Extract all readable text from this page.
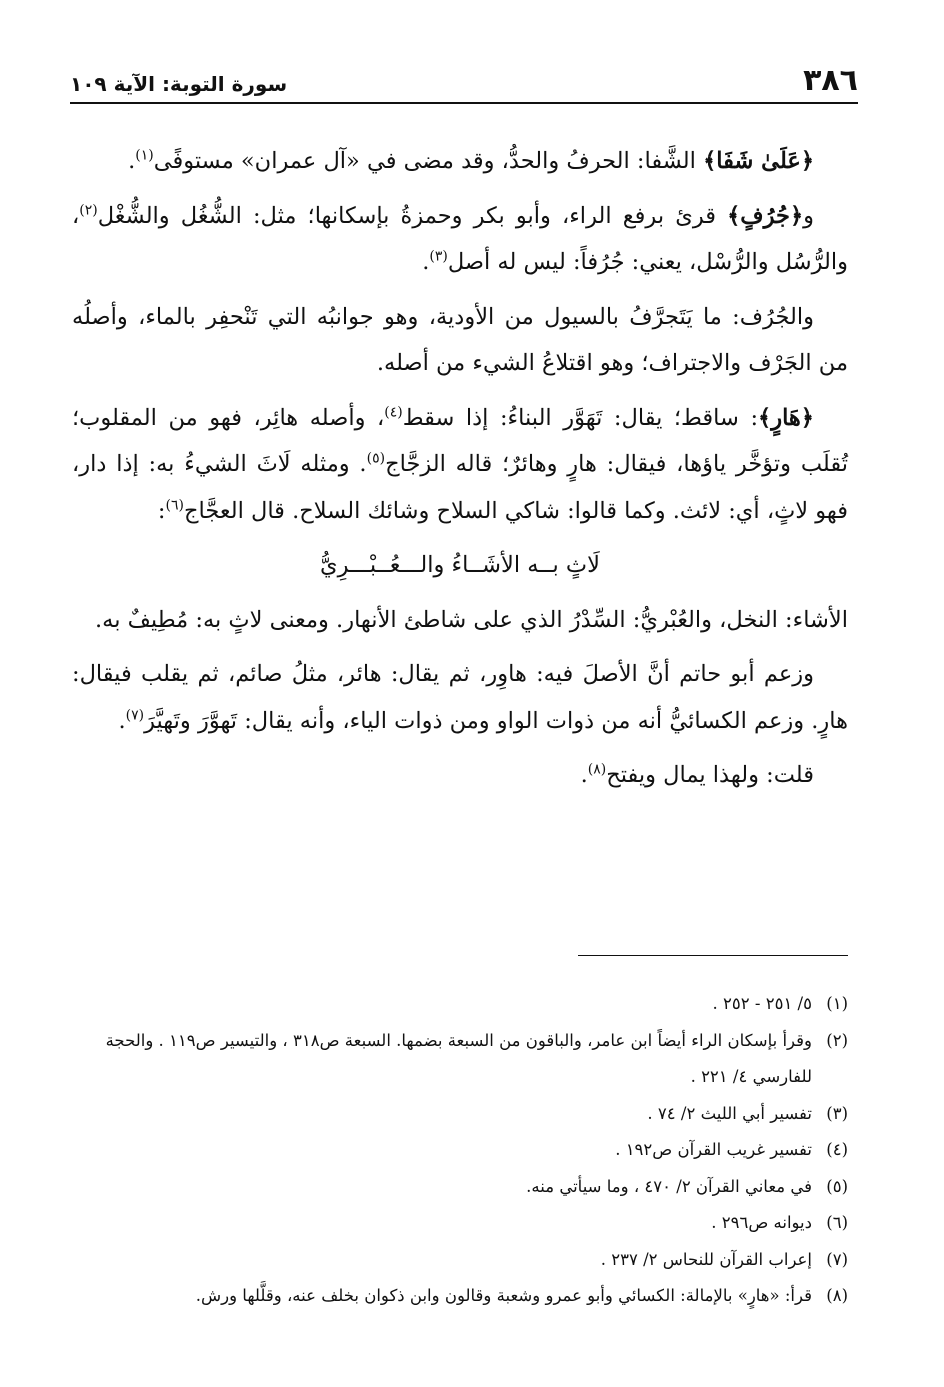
٣٨٦
سورة التوبة: الآية ١٠٩

﴿عَلَىٰ شَفَا﴾ الشَّفا: الحرفُ والحدُّ، وقد مضى في «آل عمران» مستوفًى$^{(١)}$.

و﴿جُرُفٍ﴾ قرئ برفع الراء، وأبو بكر وحمزةُ بإسكانها؛ مثل: الشُّغُل والشُّغْل$^{(٢)}$، والرُّسُل والرُّسْل، يعني: جُرُفاً: ليس له أصل$^{(٣)}$.

والجُرُف: ما يَتَجرَّفُ بالسيول من الأودية، وهو جوانبُه التي تَنْحفِر بالماء، وأصلُه من الجَرْف والاجتراف؛ وهو اقتلاعُ الشيء من أصله.

﴿هَارٍ﴾: ساقط؛ يقال: تَهَوَّر البناءُ: إذا سقط$^{(٤)}$، وأصله هائِر، فهو من المقلوب؛ تُقلَب وتؤخَّر ياؤها، فيقال: هارٍ وهائرٌ؛ قاله الزجَّاج$^{(٥)}$. ومثله لَاثَ الشيءُ به: إذا دار، فهو لاثٍ، أي: لائث. وكما قالوا: شاكي السلاح وشائك السلاح. قال العجَّاج$^{(٦)}$:

لَاثٍ بــه الأشَــاءُ والـــعُــبْـــرِيُّ

الأشاء: النخل، والعُبْريُّ: السِّدْرُ الذي على شاطئ الأنهار. ومعنى لاثٍ به: مُطِيفٌ به.

وزعم أبو حاتم أنَّ الأصلَ فيه: هاوِر، ثم يقال: هائر، مثلُ صائم، ثم يقلب فيقال: هارٍ. وزعم الكسائيُّ أنه من ذوات الواو ومن ذوات الياء، وأنه يقال: تَهوَّرَ وتَهيَّرَ$^{(٧)}$.

قلت: ولهذا يمال ويفتح$^{(٨)}$.

(١)٥/ ٢٥١ - ٢٥٢ .

(٢)وقرأ بإسكان الراء أيضاً ابن عامر، والباقون من السبعة بضمها. السبعة ص٣١٨ ، والتيسير ص١١٩ . والحجة للفارسي ٤/ ٢٢١ .

(٣)تفسير أبي الليث ٢/ ٧٤ .

(٤)تفسير غريب القرآن ص١٩٢ .

(٥)في معاني القرآن ٢/ ٤٧٠ ، وما سيأتي منه.

(٦)ديوانه ص٢٩٦ .

(٧)إعراب القرآن للنحاس ٢/ ٢٣٧ .

(٨)قرأ: «هارٍ» بالإمالة: الكسائي وأبو عمرو وشعبة وقالون وابن ذكوان بخلف عنه، وقلَّلها ورش.
